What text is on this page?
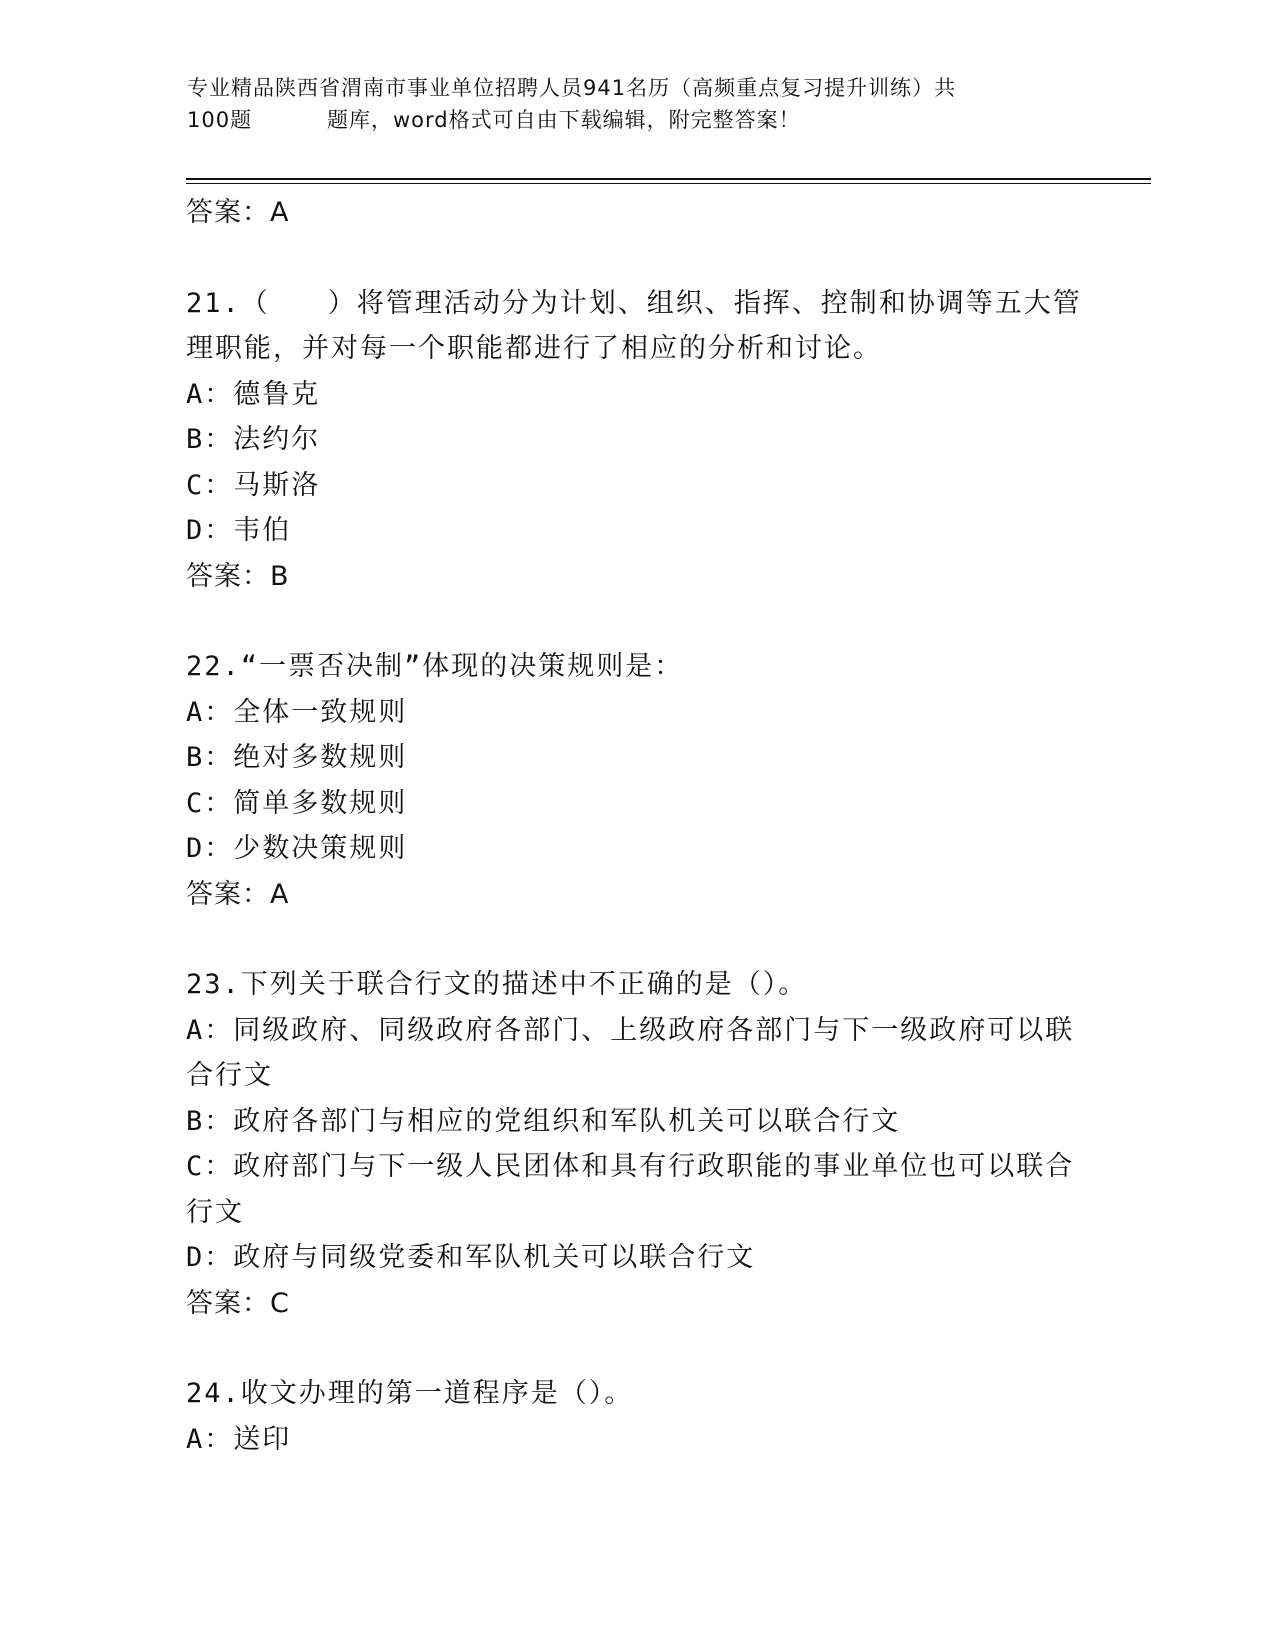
专业精品陕西省渭南市事业单位招聘人员941名历（高频重点复习提升训练）共
100题	题库，word格式可自由下载编辑，附完整答案！
答案：A
21.（　　）将管理活动分为计划、组织、指挥、控制和协调等五大管
理职能，并对每一个职能都进行了相应的分析和讨论。
A：德鲁克
B：法约尔
C：马斯洛
D：韦伯
答案：B
22.“一票否决制”体现的决策规则是：
A：全体一致规则
B：绝对多数规则
C：简单多数规则
D：少数决策规则
答案：A
23.下列关于联合行文的描述中不正确的是（）。
A：同级政府、同级政府各部门、上级政府各部门与下一级政府可以联
合行文
B：政府各部门与相应的党组织和军队机关可以联合行文
C：政府部门与下一级人民团体和具有行政职能的事业单位也可以联合
行文
D：政府与同级党委和军队机关可以联合行文
答案：C
24.收文办理的第一道程序是（）。
A：送印
